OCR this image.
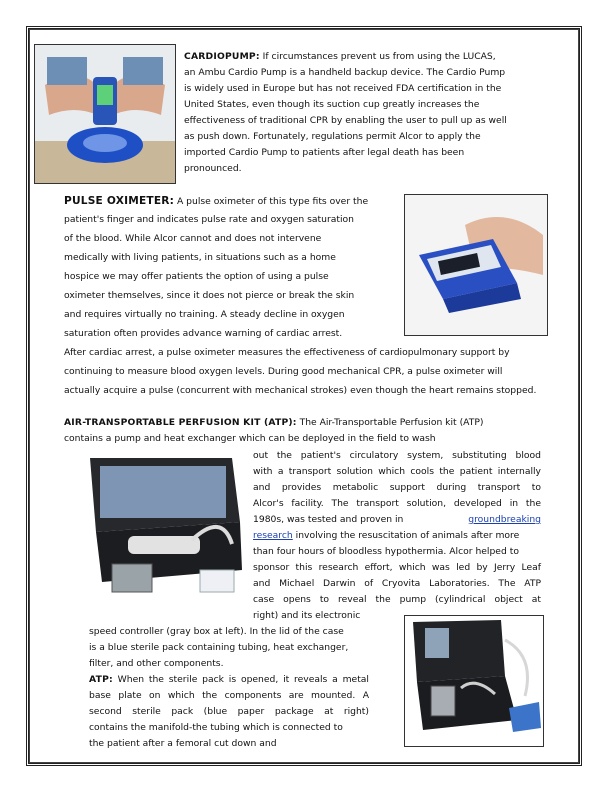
CARDIOPUMP: If circumstances prevent us from using the LUCAS,
an Ambu Cardio Pump is a handheld backup device. The Cardio Pump
is widely used in Europe but has not received FDA certification in the
United States, even though its suction cup greatly increases the
effectiveness of traditional CPR by enabling the user to pull up as well
as push down. Fortunately, regulations permit Alcor to apply the
imported Cardio Pump to patients after legal death has been
pronounced.
PULSE OXIMETER: A pulse oximeter of this type fits over the
patient's finger and indicates pulse rate and oxygen saturation
of the blood. While Alcor cannot and does not intervene
medically with living patients, in situations such as a home
hospice we may offer patients the option of using a pulse
oximeter themselves, since it does not pierce or break the skin
and requires virtually no training. A steady decline in oxygen
saturation often provides advance warning of cardiac arrest.
After cardiac arrest, a pulse oximeter measures the effectiveness of cardiopulmonary support by
continuing to measure blood oxygen levels. During good mechanical CPR, a pulse oximeter will
actually acquire a pulse (concurrent with mechanical strokes) even though the heart remains stopped.
AIR-TRANSPORTABLE PERFUSION KIT (ATP): The Air-Transportable Perfusion kit (ATP)
contains a pump and heat exchanger which can be deployed in the field to wash
out the patient's circulatory system, substituting blood
with a transport solution which cools the patient internally
and provides metabolic support during transport to
Alcor's facility. The transport solution, developed in the
1980s, was tested and proven in	groundbreaking
research involving the resuscitation of animals after more
than four hours of bloodless hypothermia. Alcor helped to
sponsor this research effort, which was led by Jerry Leaf
and Michael Darwin of Cryovita Laboratories. The ATP
case opens to reveal the pump (cylindrical object at
right) and its electronic
speed controller (gray box at left). In the lid of the case
is a blue sterile pack containing tubing, heat exchanger,
filter, and other components.
ATP: When the sterile pack is opened, it reveals a metal
base plate on which the components are mounted. A
second sterile pack (blue paper package at right)
contains the manifold-the tubing which is connected to
the patient after a femoral cut down and
